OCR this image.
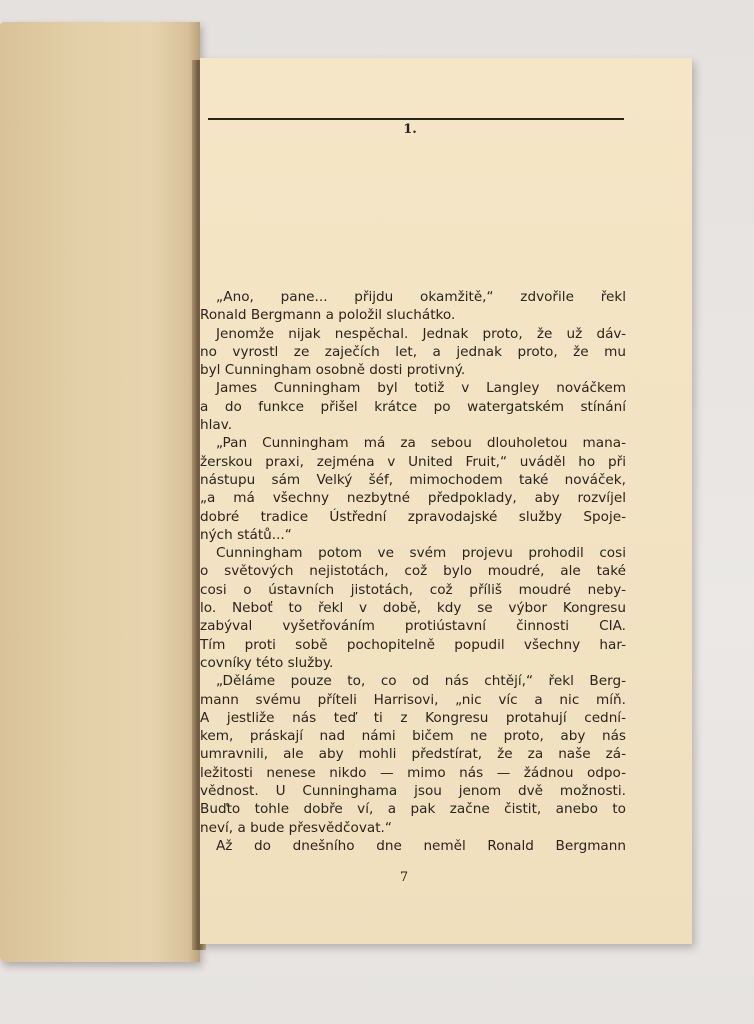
1.
„Ano, pane... přijdu okamžitě,“ zdvořile řekl
Ronald Bergmann a položil sluchátko.
Jenomže nijak nespěchal. Jednak proto, že už dáv-
no vyrostl ze zaječích let, a jednak proto, že mu
byl Cunningham osobně dosti protivný.
James Cunningham byl totiž v Langley nováčkem
a do funkce přišel krátce po watergatském stínání
hlav.
„Pan Cunningham má za sebou dlouholetou mana-
žerskou praxi, zejména v United Fruit,“ uváděl ho při
nástupu sám Velký šéf, mimochodem také nováček,
„a má všechny nezbytné předpoklady, aby rozvíjel
dobré tradice Ústřední zpravodajské služby Spoje-
ných států...“
Cunningham potom ve svém projevu prohodil cosi
o světových nejistotách, což bylo moudré, ale také
cosi o ústavních jistotách, což příliš moudré neby-
lo. Neboť to řekl v době, kdy se výbor Kongresu
zabýval vyšetřováním protiústavní činnosti CIA.
Tím proti sobě pochopitelně popudil všechny har-
covníky této služby.
„Děláme pouze to, co od nás chtějí,“ řekl Berg-
mann svému příteli Harrisovi, „nic víc a nic míň.
A jestliže nás teď ti z Kongresu protahují cední-
kem, práskají nad námi bičem ne proto, aby nás
umravnili, ale aby mohli předstírat, že za naše zá-
ležitosti nenese nikdo — mimo nás — žádnou odpo-
vědnost. U Cunninghama jsou jenom dvě možnosti.
Buďto tohle dobře ví, a pak začne čistit, anebo to
neví, a bude přesvědčovat.“
Až do dnešního dne neměl Ronald Bergmann
7
